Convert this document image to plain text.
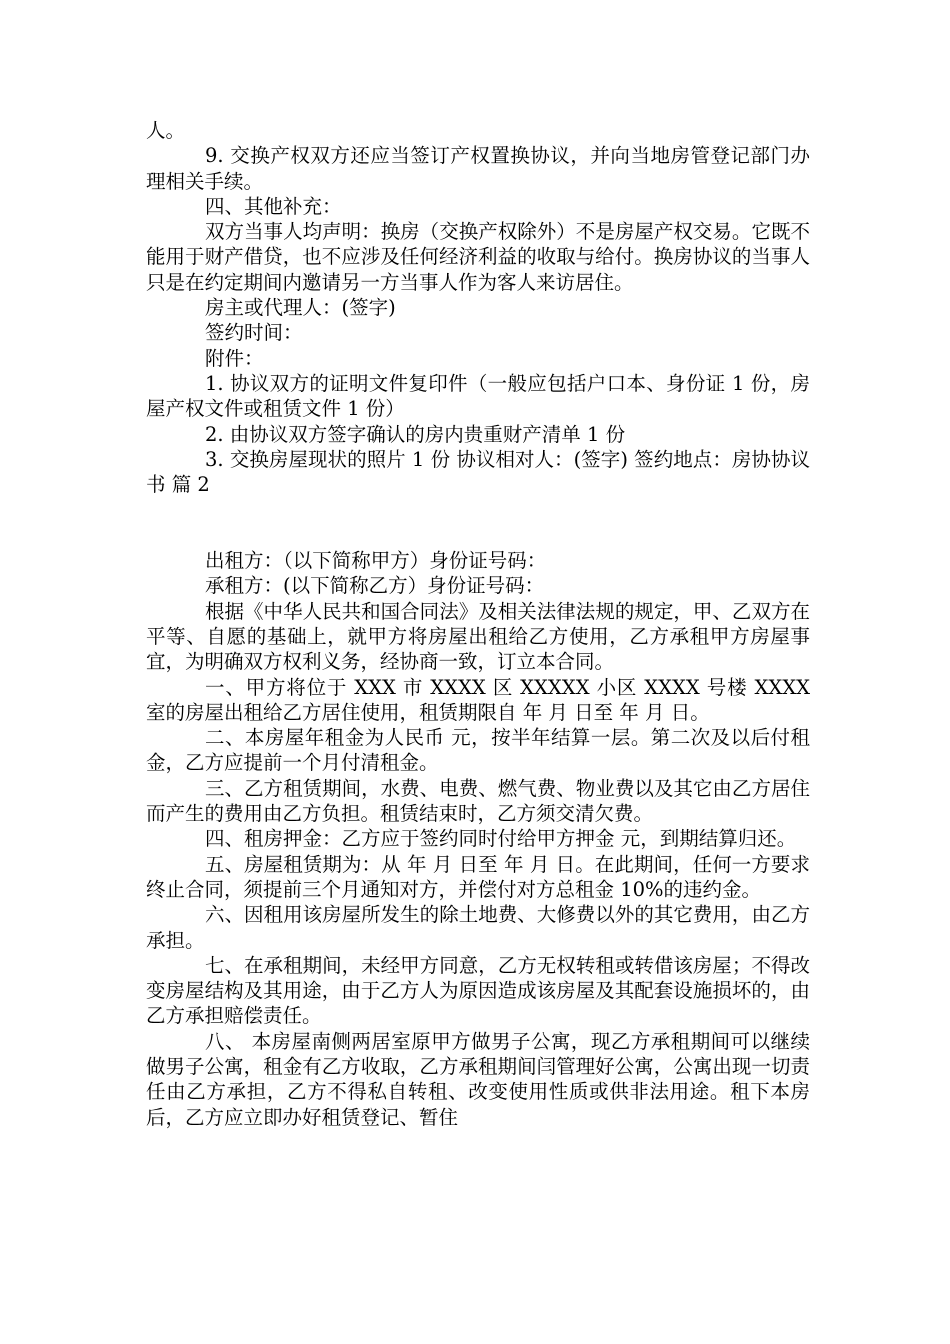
人。

9. 交换产权双方还应当签订产权置换协议，并向当地房管登记部门办理相关手续。

四、其他补充：

双方当事人均声明：换房（交换产权除外）不是房屋产权交易。它既不能用于财产借贷，也不应涉及任何经济利益的收取与给付。换房协议的当事人只是在约定期间内邀请另一方当事人作为客人来访居住。

房主或代理人：(签字)

签约时间：

附件：

1. 协议双方的证明文件复印件（一般应包括户口本、身份证 1 份，房屋产权文件或租赁文件 1 份）

2. 由协议双方签字确认的房内贵重财产清单 1 份

3. 交换房屋现状的照片 1 份 协议相对人：(签字) 签约地点：房协协议书 篇 2

出租方：（以下简称甲方）身份证号码：

承租方：(以下简称乙方）身份证号码：

根据《中华人民共和国合同法》及相关法律法规的规定，甲、乙双方在平等、自愿的基础上，就甲方将房屋出租给乙方使用，乙方承租甲方房屋事宜，为明确双方权利义务，经协商一致，订立本合同。

一、甲方将位于 XXX 市 XXXX 区 XXXXX 小区 XXXX 号楼 XXXX 室的房屋出租给乙方居住使用，租赁期限自 年 月 日至 年 月 日。

二、本房屋年租金为人民币 元，按半年结算一层。第二次及以后付租金，乙方应提前一个月付清租金。

三、乙方租赁期间，水费、电费、燃气费、物业费以及其它由乙方居住而产生的费用由乙方负担。租赁结束时，乙方须交清欠费。

四、租房押金：乙方应于签约同时付给甲方押金 元，到期结算归还。

五、房屋租赁期为：从 年 月 日至 年 月 日。在此期间，任何一方要求终止合同，须提前三个月通知对方，并偿付对方总租金 10%的违约金。

六、因租用该房屋所发生的除土地费、大修费以外的其它费用，由乙方承担。

七、在承租期间，未经甲方同意，乙方无权转租或转借该房屋；不得改变房屋结构及其用途，由于乙方人为原因造成该房屋及其配套设施损坏的，由乙方承担赔偿责任。

八、 本房屋南侧两居室原甲方做男子公寓，现乙方承租期间可以继续做男子公寓，租金有乙方收取，乙方承租期间闫管理好公寓，公寓出现一切责任由乙方承担，乙方不得私自转租、改变使用性质或供非法用途。租下本房后，乙方应立即办好租赁登记、暂住
